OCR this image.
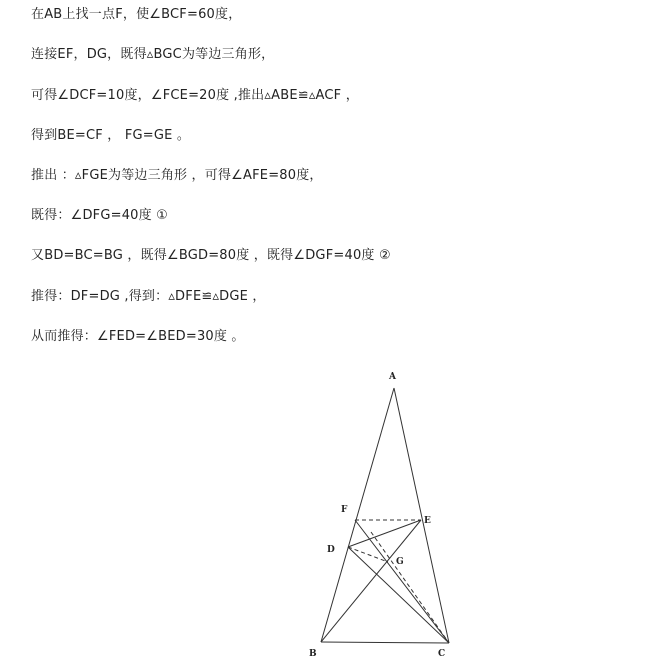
在AB上找一点F，使∠BCF=60度，
连接EF，DG，既得▵BGC为等边三角形，
可得∠DCF=10度，∠FCE=20度 ,推出▵ABE≌▵ACF ，
得到BE=CF ， FG=GE 。
推出 ：▵FGE为等边三角形 ，可得∠AFE=80度，
既得：∠DFG=40度 ①
又BD=BC=BG ，既得∠BGD=80度 ，既得∠DGF=40度 ②
推得：DF=DG ,得到：▵DFE≌▵DGE ，
从而推得：∠FED=∠BED=30度 。
A
B	C
D
E
F
G
